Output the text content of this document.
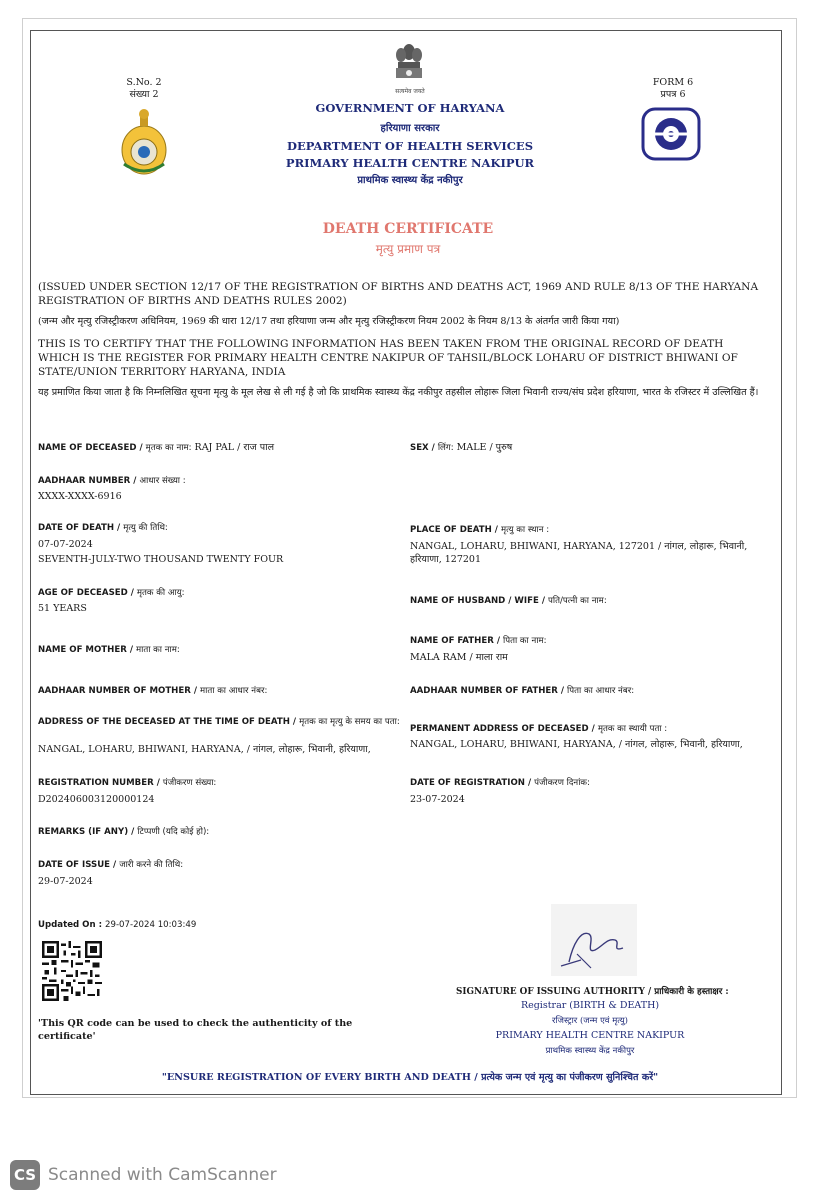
S.No. 2
संख्या 2	सत्यमेव जयते
GOVERNMENT OF HARYANA
हरियाणा सरकार
DEPARTMENT OF HEALTH SERVICES
PRIMARY HEALTH CENTRE NAKIPUR
प्राथमिक स्वास्थ्य केंद्र नकीपुर
FORM 6
प्रपत्र 6
DEATH CERTIFICATE
मृत्यु प्रमाण पत्र
(ISSUED UNDER SECTION 12/17 OF THE REGISTRATION OF BIRTHS AND DEATHS ACT, 1969 AND RULE 8/13 OF THE HARYANA REGISTRATION OF BIRTHS AND DEATHS RULES 2002)
(जन्म और मृत्यु रजिस्ट्रीकरण अधिनियम, 1969 की धारा 12/17 तथा हरियाणा जन्म और मृत्यु रजिस्ट्रीकरण नियम 2002 के नियम 8/13 के अंतर्गत जारी किया गया)
THIS IS TO CERTIFY THAT THE FOLLOWING INFORMATION HAS BEEN TAKEN FROM THE ORIGINAL RECORD OF DEATH WHICH IS THE REGISTER FOR PRIMARY HEALTH CENTRE NAKIPUR OF TAHSIL/BLOCK LOHARU OF DISTRICT BHIWANI OF STATE/UNION TERRITORY HARYANA, INDIA
यह प्रमाणित किया जाता है कि निम्नलिखित सूचना मृत्यु के मूल लेख से ली गई है जो कि प्राथमिक स्वास्थ्य केंद्र नकीपुर तहसील लोहारू जिला भिवानी राज्य/संघ प्रदेश हरियाणा, भारत के रजिस्टर में उल्लिखित हैं।
NAME OF DECEASED / मृतक का नाम: RAJ PAL / राज पाल	SEX / लिंग: MALE / पुरुष
AADHAAR NUMBER / आधार संख्या :
XXXX-XXXX-6916
DATE OF DEATH / मृत्यु की तिथि:
07-07-2024
SEVENTH-JULY-TWO THOUSAND TWENTY FOUR
PLACE OF DEATH / मृत्यु का स्थान :
NANGAL, LOHARU, BHIWANI, HARYANA, 127201 / नांगल, लोहारू, भिवानी, हरियाणा, 127201
AGE OF DECEASED / मृतक की आयु:
51 YEARS
NAME OF HUSBAND / WIFE / पति/पत्नी का नाम:
NAME OF MOTHER / माता का नाम:
NAME OF FATHER / पिता का नाम:
MALA RAM / माला राम
AADHAAR NUMBER OF MOTHER / माता का आधार नंबर:	AADHAAR NUMBER OF FATHER / पिता का आधार नंबर:
ADDRESS OF THE DECEASED AT THE TIME OF DEATH / मृतक का मृत्यु के समय का पता:
NANGAL, LOHARU, BHIWANI, HARYANA, / नांगल, लोहारू, भिवानी, हरियाणा,
PERMANENT ADDRESS OF DECEASED / मृतक का स्थायी पता :
NANGAL, LOHARU, BHIWANI, HARYANA, / नांगल, लोहारू, भिवानी, हरियाणा,
REGISTRATION NUMBER / पंजीकरण संख्या:
D202406003120000124
DATE OF REGISTRATION / पंजीकरण दिनांक:
23-07-2024
REMARKS (IF ANY) / टिप्पणी (यदि कोई हो):
DATE OF ISSUE / जारी करने की तिथि:
29-07-2024
Updated On : 29-07-2024 10:03:49
'This QR code can be used to check the authenticity of the certificate'
SIGNATURE OF ISSUING AUTHORITY / प्राधिकारी के हस्ताक्षर :
Registrar (BIRTH & DEATH)
रजिस्ट्रार (जन्म एवं मृत्यु)
PRIMARY HEALTH CENTRE NAKIPUR
प्राथमिक स्वास्थ्य केंद्र नकीपुर
"ENSURE REGISTRATION OF EVERY BIRTH AND DEATH / प्रत्येक जन्म एवं मृत्यु का पंजीकरण सुनिश्चित करें"
CS Scanned with CamScanner
